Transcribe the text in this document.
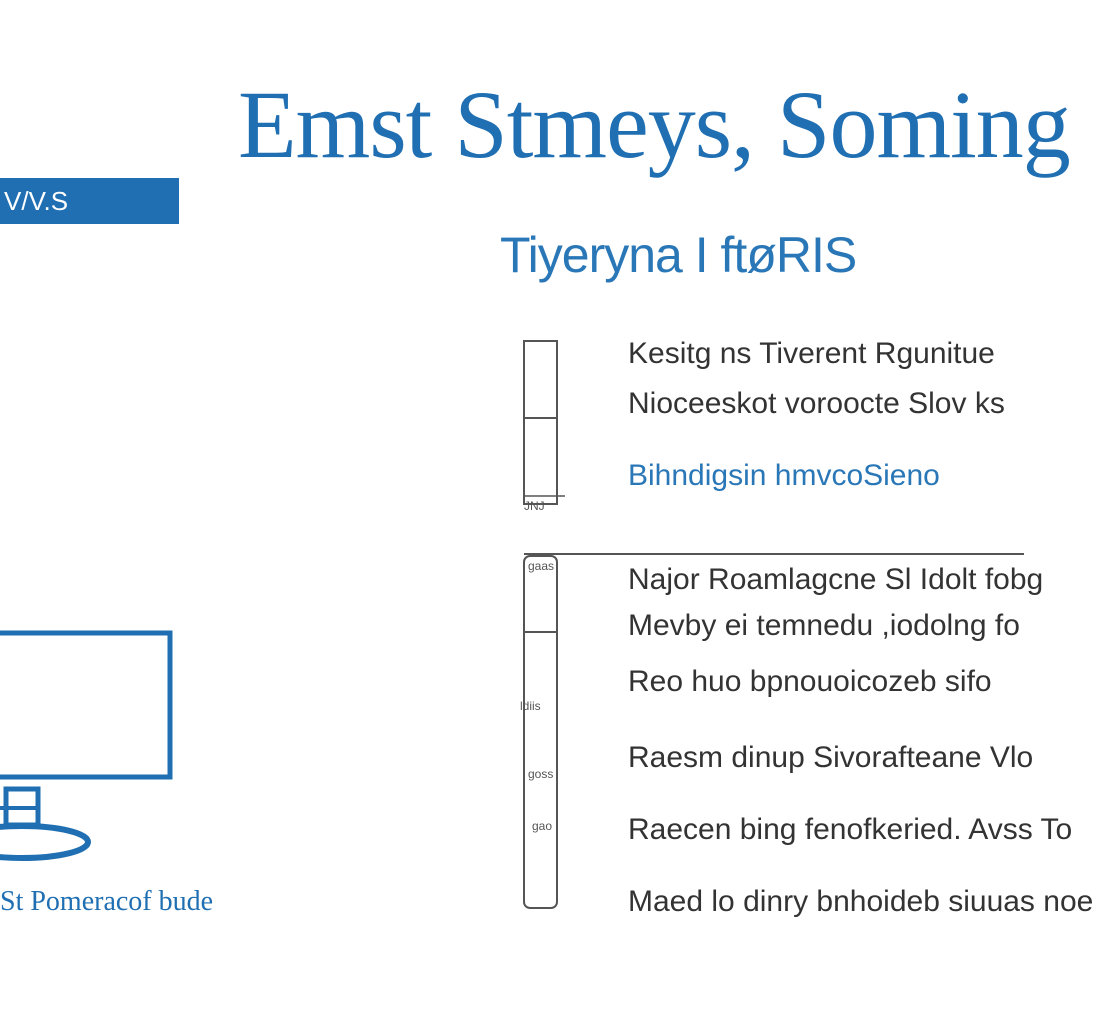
Emst Stmeys, Soming
V/V.S
Tiyeryna I ftøRIS
JNJ
gaas
ldiis
goss
gao
Kesitg ns Tiverent Rgunitue
Nioceeskot voroocte Slov ks
Bihndigsin hmvcoSieno
Najor Roamlagcne Sl Idolt fobg
Mevby ei temnedu ,iodolng fo
Reo huo bpnouoicozeb sifo
Raesm dinup Sivorafteane Vlo
Raecen bing fenofkeried. Avss To
Maed lo dinry bnhoideb siuuas noe
St Pomeracof bude
